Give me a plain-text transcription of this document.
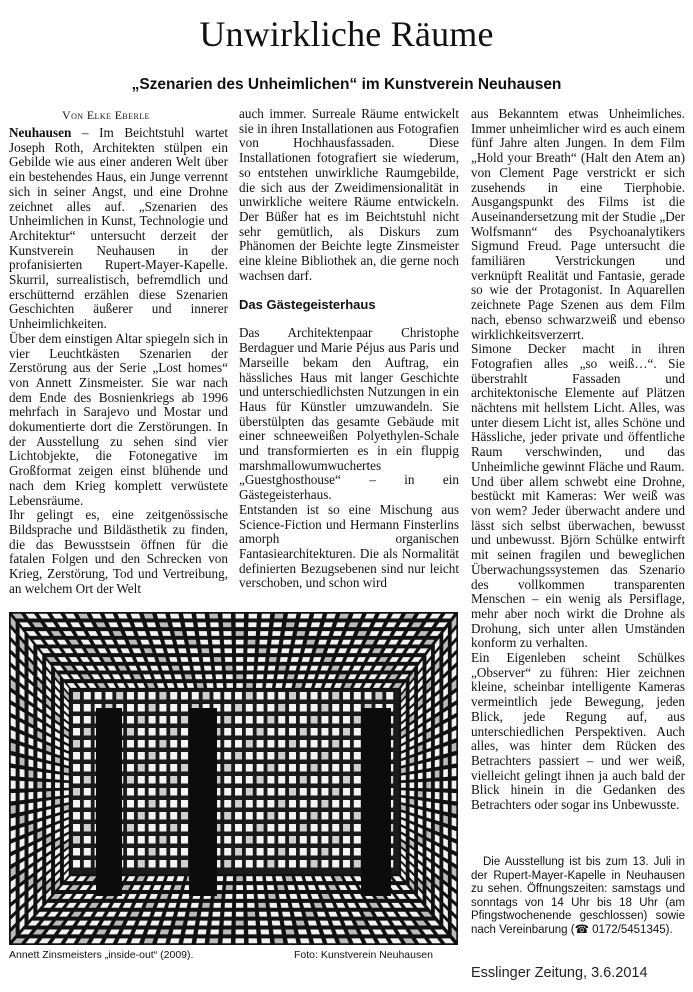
Unwirkliche Räume
„Szenarien des Unheimlichen“ im Kunstverein Neuhausen

Von Elke Eberle

Neuhausen – Im Beichtstuhl wartet Joseph Roth, Architekten stülpen ein Gebilde wie aus einer anderen Welt über ein bestehendes Haus, ein Junge verrennt sich in seiner Angst, und eine Drohne zeichnet alles auf. „Szenarien des Unheimlichen in Kunst, Technologie und Architektur“ untersucht derzeit der Kunstverein Neuhausen in der profanisierten Rupert-Mayer-Kapelle. Skurril, surrealistisch, befremdlich und erschütternd erzählen diese Szenarien Geschichten äußerer und innerer Unheimlichkeiten.

Über dem einstigen Altar spiegeln sich in vier Leuchtkästen Szenarien der Zerstörung aus der Serie „Lost homes“ von Annett Zinsmeister. Sie war nach dem Ende des Bosnienkriegs ab 1996 mehrfach in Sarajevo und Mostar und dokumentierte dort die Zerstörungen. In der Ausstellung zu sehen sind vier Lichtobjekte, die Fotonegative im Großformat zeigen einst blühende und nach dem Krieg komplett verwüstete Lebensräume.

Ihr gelingt es, eine zeitgenössische Bildsprache und Bildästhetik zu finden, die das Bewusstsein öffnen für die fatalen Folgen und den Schrecken von Krieg, Zerstörung, Tod und Vertreibung, an welchem Ort der Welt

auch immer. Surreale Räume entwickelt sie in ihren Installationen aus Fotografien von Hochhausfassaden. Diese Installationen fotografiert sie wiederum, so entstehen unwirkliche Raumgebilde, die sich aus der Zweidimensionalität in unwirkliche weitere Räume entwickeln. Der Büßer hat es im Beichtstuhl nicht sehr gemütlich, als Diskurs zum Phänomen der Beichte legte Zinsmeister eine kleine Bibliothek an, die gerne noch wachsen darf.

Das Gästegeisterhaus

Das Architektenpaar Christophe Berdaguer und Marie Péjus aus Paris und Marseille bekam den Auftrag, ein hässliches Haus mit langer Geschichte und unterschiedlichsten Nutzungen in ein Haus für Künstler umzuwandeln. Sie überstülpten das gesamte Gebäude mit einer schneeweißen Polyethylen-Schale und transformierten es in ein fluppig marshmallowumwuchertes „Guestghosthouse“ – in ein Gästegeisterhaus.

Entstanden ist so eine Mischung aus Science-Fiction und Hermann Finsterlins amorph organischen Fantasiearchitekturen. Die als Normalität definierten Bezugsebenen sind nur leicht verschoben, und schon wird

aus Bekanntem etwas Unheimliches. Immer unheimlicher wird es auch einem fünf Jahre alten Jungen. In dem Film „Hold your Breath“ (Halt den Atem an) von Clement Page verstrickt er sich zusehends in eine Tierphobie. Ausgangspunkt des Films ist die Auseinandersetzung mit der Studie „Der Wolfsmann“ des Psychoanalytikers Sigmund Freud. Page untersucht die familiären Verstrickungen und verknüpft Realität und Fantasie, gerade so wie der Protagonist. In Aquarellen zeichnete Page Szenen aus dem Film nach, ebenso schwarzweiß und ebenso wirklichkeitsverzerrt.

Simone Decker macht in ihren Fotografien alles „so weiß…“. Sie überstrahlt Fassaden und architektonische Elemente auf Plätzen nächtens mit hellstem Licht. Alles, was unter diesem Licht ist, alles Schöne und Hässliche, jeder private und öffentliche Raum verschwinden, und das Unheimliche gewinnt Fläche und Raum.

Und über allem schwebt eine Drohne, bestückt mit Kameras: Wer weiß was von wem? Jeder überwacht andere und lässt sich selbst überwachen, bewusst und unbewusst. Björn Schülke entwirft mit seinen fragilen und beweglichen Überwachungssystemen das Szenario des vollkommen transparenten Menschen – ein wenig als Persiflage, mehr aber noch wirkt die Drohne als Drohung, sich unter allen Umständen konform zu verhalten.

Ein Eigenleben scheint Schülkes „Observer“ zu führen: Hier zeichnen kleine, scheinbar intelligente Kameras vermeintlich jede Bewegung, jeden Blick, jede Regung auf, aus unterschiedlichen Perspektiven. Auch alles, was hinter dem Rücken des Betrachters passiert – und wer weiß, vielleicht gelingt ihnen ja auch bald der Blick hinein in die Gedanken des Betrachters oder sogar ins Unbewusste.

Die Ausstellung ist bis zum 13. Juli in der Rupert-Mayer-Kapelle in Neuhausen zu sehen. Öffnungszeiten: samstags und sonntags von 14 Uhr bis 18 Uhr (am Pfingstwochenende geschlossen) sowie nach Vereinbarung (☎ 0172/5451345).

Annett Zinsmeisters „inside-out“ (2009).	Foto: Kunstverein Neuhausen
Esslinger Zeitung, 3.6.2014
